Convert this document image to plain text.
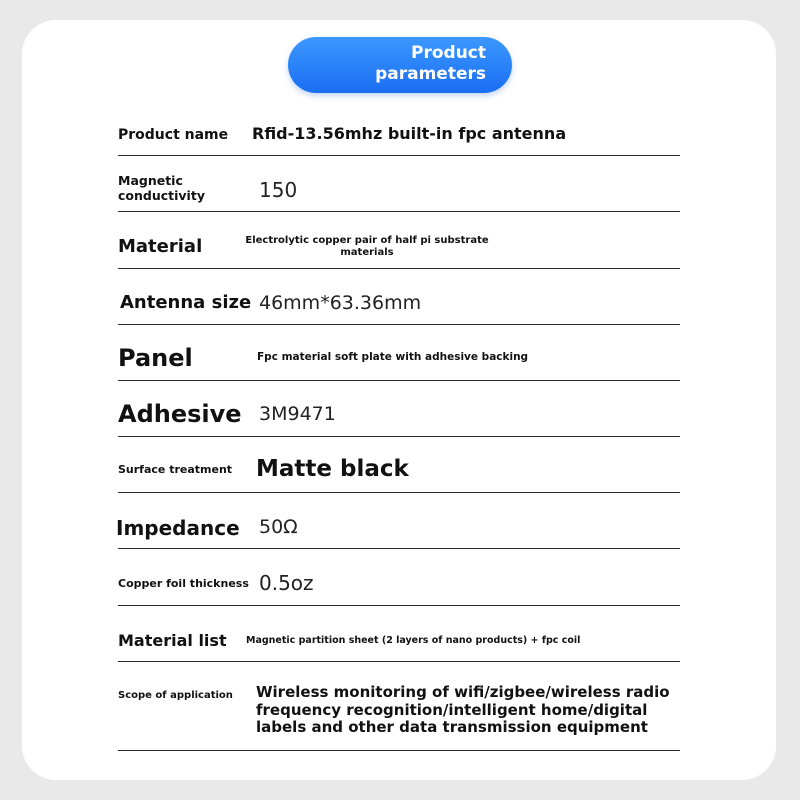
Product
parameters
Product name Rfid-13.56mhz built-in fpc antenna
Magnetic
conductivity	150
Material	Electrolytic copper pair of half pi substrate
materials
Antenna size 46mm*63.36mm
Panel	Fpc material soft plate with adhesive backing
Adhesive 3M9471
Surface treatment Matte black
Impedance 50Ω
Copper foil thickness 0.5oz
Material list Magnetic partition sheet (2 layers of nano products) + fpc coil
Scope of application Wireless monitoring of wifi/zigbee/wireless radio
frequency recognition/intelligent home/digital
labels and other data transmission equipment
